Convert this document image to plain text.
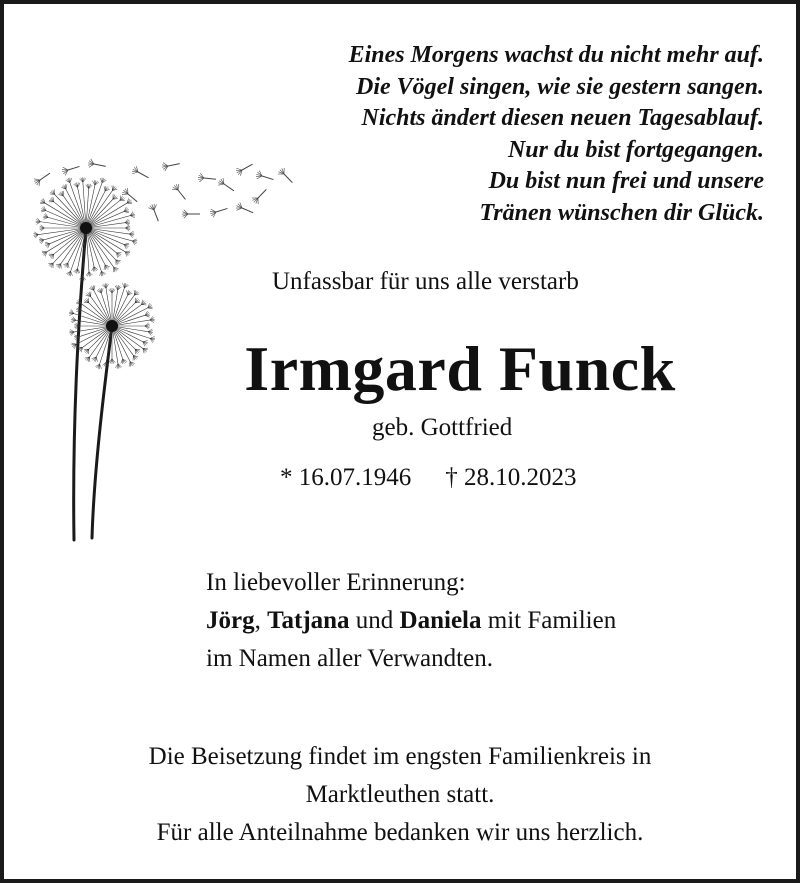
Eines Morgens wachst du nicht mehr auf.
Die Vögel singen, wie sie gestern sangen.
Nichts ändert diesen neuen Tagesablauf.
Nur du bist fortgegangen.
Du bist nun frei und unsere
Tränen wünschen dir Glück.
Unfassbar für uns alle verstarb
Irmgard Funck
geb. Gottfried
* 16.07.1946 † 28.10.2023
In liebevoller Erinnerung:
Jörg, Tatjana und Daniela mit Familien
im Namen aller Verwandten.
Die Beisetzung findet im engsten Familienkreis in
Marktleuthen statt.
Für alle Anteilnahme bedanken wir uns herzlich.
